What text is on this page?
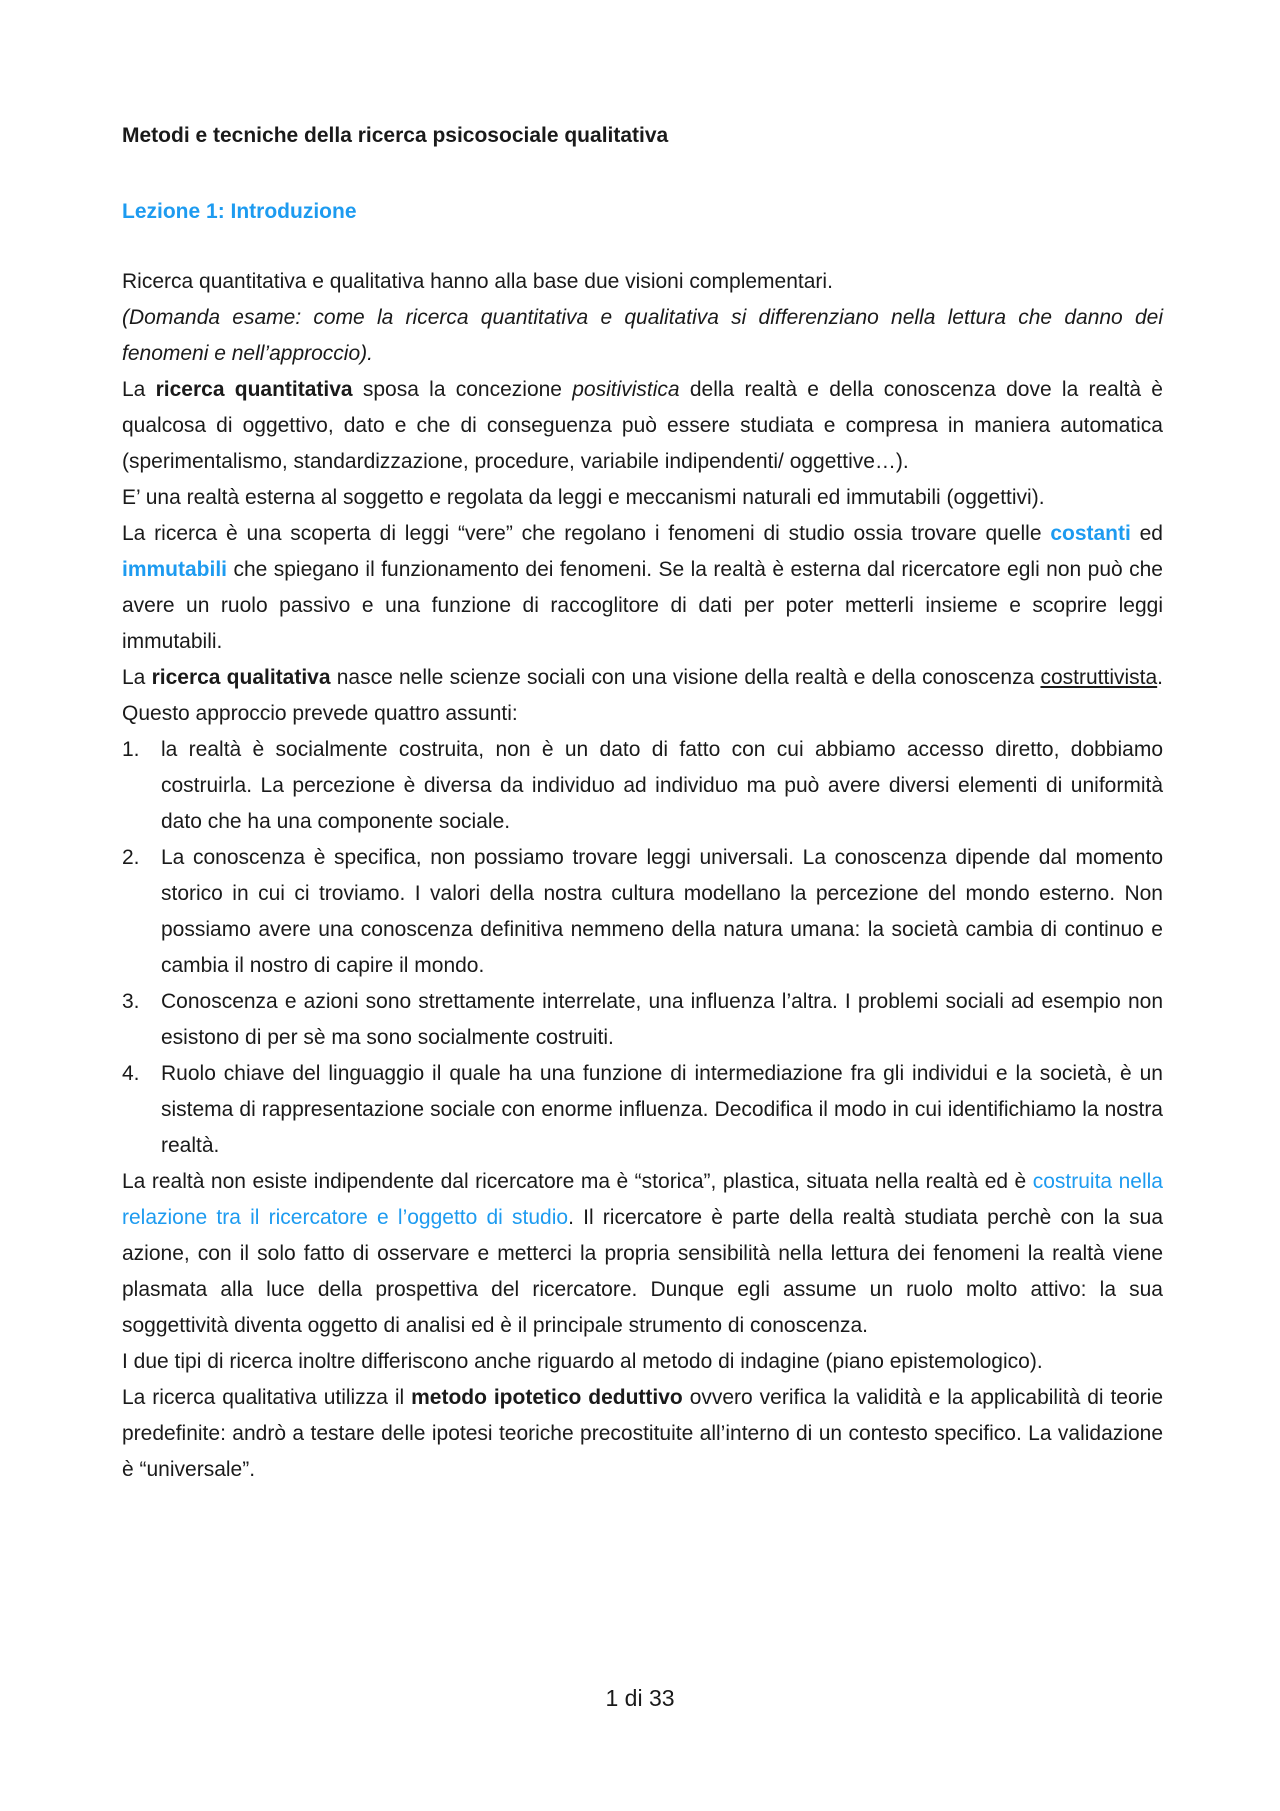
Metodi e tecniche della ricerca psicosociale qualitativa
Lezione 1: Introduzione

Ricerca quantitativa e qualitativa hanno alla base due visioni complementari.

(Domanda esame: come la ricerca quantitativa e qualitativa si differenziano nella lettura che danno dei fenomeni e nell’approccio).

La ricerca quantitativa sposa la concezione positivistica della realtà e della conoscenza dove la realtà è qualcosa di oggettivo, dato e che di conseguenza può essere studiata e compresa in maniera automatica (sperimentalismo, standardizzazione, procedure, variabile indipendenti/ oggettive…).

E’ una realtà esterna al soggetto e regolata da leggi e meccanismi naturali ed immutabili (oggettivi).

La ricerca è una scoperta di leggi “vere” che regolano i fenomeni di studio ossia trovare quelle costanti ed immutabili che spiegano il funzionamento dei fenomeni. Se la realtà è esterna dal ricercatore egli non può che avere un ruolo passivo e una funzione di raccoglitore di dati per poter metterli insieme e scoprire leggi immutabili.

La ricerca qualitativa nasce nelle scienze sociali con una visione della realtà e della conoscenza costruttivista. Questo approccio prevede quattro assunti:

1. la realtà è socialmente costruita, non è un dato di fatto con cui abbiamo accesso diretto, dobbiamo costruirla. La percezione è diversa da individuo ad individuo ma può avere diversi elementi di uniformità dato che ha una componente sociale.
2. La conoscenza è specifica, non possiamo trovare leggi universali. La conoscenza dipende dal momento storico in cui ci troviamo. I valori della nostra cultura modellano la percezione del mondo esterno. Non possiamo avere una conoscenza definitiva nemmeno della natura umana: la società cambia di continuo e cambia il nostro di capire il mondo.
3. Conoscenza e azioni sono strettamente interrelate, una influenza l’altra. I problemi sociali ad esempio non esistono di per sè ma sono socialmente costruiti.
4. Ruolo chiave del linguaggio il quale ha una funzione di intermediazione fra gli individui e la società, è un sistema di rappresentazione sociale con enorme influenza. Decodifica il modo in cui identifichiamo la nostra realtà.

La realtà non esiste indipendente dal ricercatore ma è “storica”, plastica, situata nella realtà ed è costruita nella relazione tra il ricercatore e l’oggetto di studio. Il ricercatore è parte della realtà studiata perchè con la sua azione, con il solo fatto di osservare e metterci la propria sensibilità nella lettura dei fenomeni la realtà viene plasmata alla luce della prospettiva del ricercatore. Dunque egli assume un ruolo molto attivo: la sua soggettività diventa oggetto di analisi ed è il principale strumento di conoscenza.

I due tipi di ricerca inoltre differiscono anche riguardo al metodo di indagine (piano epistemologico).

La ricerca qualitativa utilizza il metodo ipotetico deduttivo ovvero verifica la validità e la applicabilità di teorie predefinite: andrò a testare delle ipotesi teoriche precostituite all’interno di un contesto specifico. La validazione è “universale”.

1 di 33
